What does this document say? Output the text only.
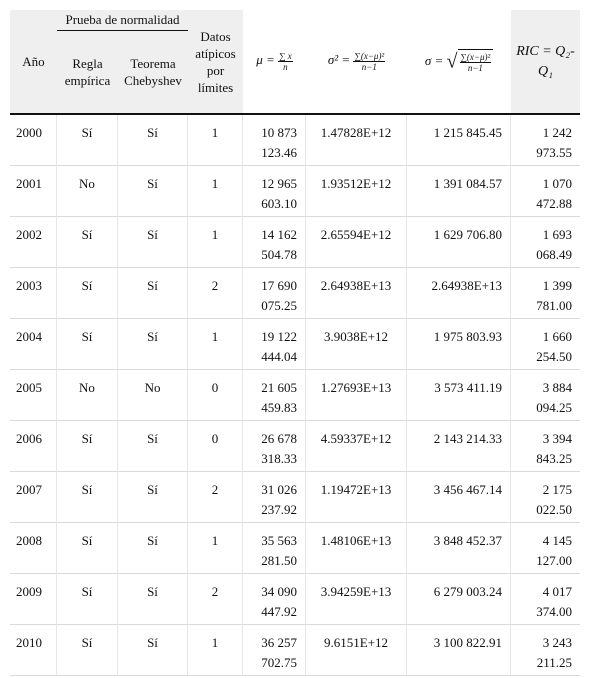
Año	Prueba de normalidad		Datos atípicos por límites	$\mu = \frac{\sum x}{n}$	$\sigma^2 = \frac{\text{∑(x−μ)²}}{n-1}$	σ = √ $\frac{\text{∑(x−μ)²}}{n-1}$	RIC = Q₂-Q₁
	Regla empírica	Teorema Chebyshev					
2000	Sí	Sí	1	10 873 123.46	1.47828E+12	1 215 845.45	1 242 973.55
2001	No	Sí	1	12 965 603.10	1.93512E+12	1 391 084.57	1 070 472.88
2002	Sí	Sí	1	14 162 504.78	2.65594E+12	1 629 706.80	1 693 068.49
2003	Sí	Sí	2	17 690 075.25	2.64938E+13	2.64938E+13	1 399 781.00
2004	Sí	Sí	1	19 122 444.04	3.9038E+12	1 975 803.93	1 660 254.50
2005	No	No	0	21 605 459.83	1.27693E+13	3 573 411.19	3 884 094.25
2006	Sí	Sí	0	26 678 318.33	4.59337E+12	2 143 214.33	3 394 843.25
2007	Sí	Sí	2	31 026 237.92	1.19472E+13	3 456 467.14	2 175 022.50
2008	Sí	Sí	1	35 563 281.50	1.48106E+13	3 848 452.37	4 145 127.00
2009	Sí	Sí	2	34 090 447.92	3.94259E+13	6 279 003.24	4 017 374.00
2010	Sí	Sí	1	36 257 702.75	9.6151E+12	3 100 822.91	3 243 211.25
